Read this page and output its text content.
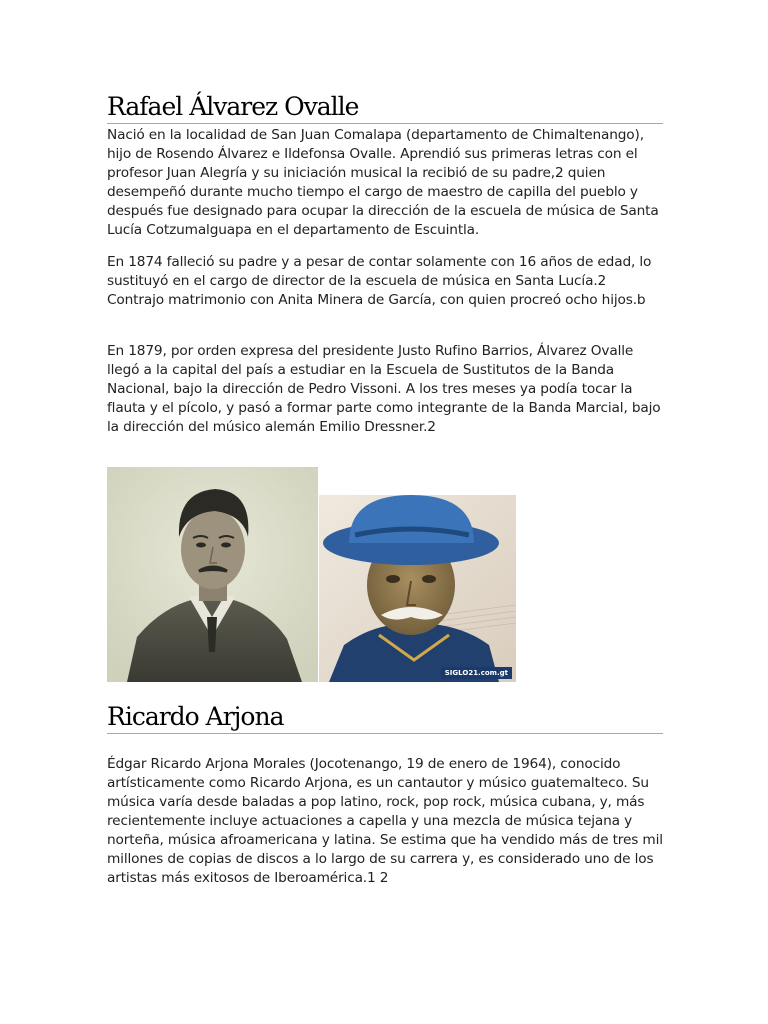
Rafael Álvarez Ovalle

Nació en la localidad de San Juan Comalapa (departamento de Chimaltenango), hijo de Rosendo Álvarez e Ildefonsa Ovalle. Aprendió sus primeras letras con el profesor Juan Alegría y su iniciación musical la recibió de su padre,2 quien desempeñó durante mucho tiempo el cargo de maestro de capilla del pueblo y después fue designado para ocupar la dirección de la escuela de música de Santa Lucía Cotzumalguapa en el departamento de Escuintla.

En 1874 falleció su padre y a pesar de contar solamente con 16 años de edad, lo sustituyó en el cargo de director de la escuela de música en Santa Lucía.2 Contrajo matrimonio con Anita Minera de García, con quien procreó ocho hijos.b

En 1879, por orden expresa del presidente Justo Rufino Barrios, Álvarez Ovalle llegó a la capital del país a estudiar en la Escuela de Sustitutos de la Banda Nacional, bajo la dirección de Pedro Vissoni. A los tres meses ya podía tocar la flauta y el pícolo, y pasó a formar parte como integrante de la Banda Marcial, bajo la dirección del músico alemán Emilio Dressner.2

Ricardo Arjona

Édgar Ricardo Arjona Morales (Jocotenango, 19 de enero de 1964), conocido artísticamente como Ricardo Arjona, es un cantautor y músico guatemalteco. Su música varía desde baladas a pop latino, rock, pop rock, música cubana, y, más recientemente incluye actuaciones a capella y una mezcla de música tejana y norteña, música afroamericana y latina. Se estima que ha vendido más de tres mil millones de copias de discos a lo largo de su carrera y, es considerado uno de los artistas más exitosos de Iberoamérica.1 2

SIGLO21.com.gt
